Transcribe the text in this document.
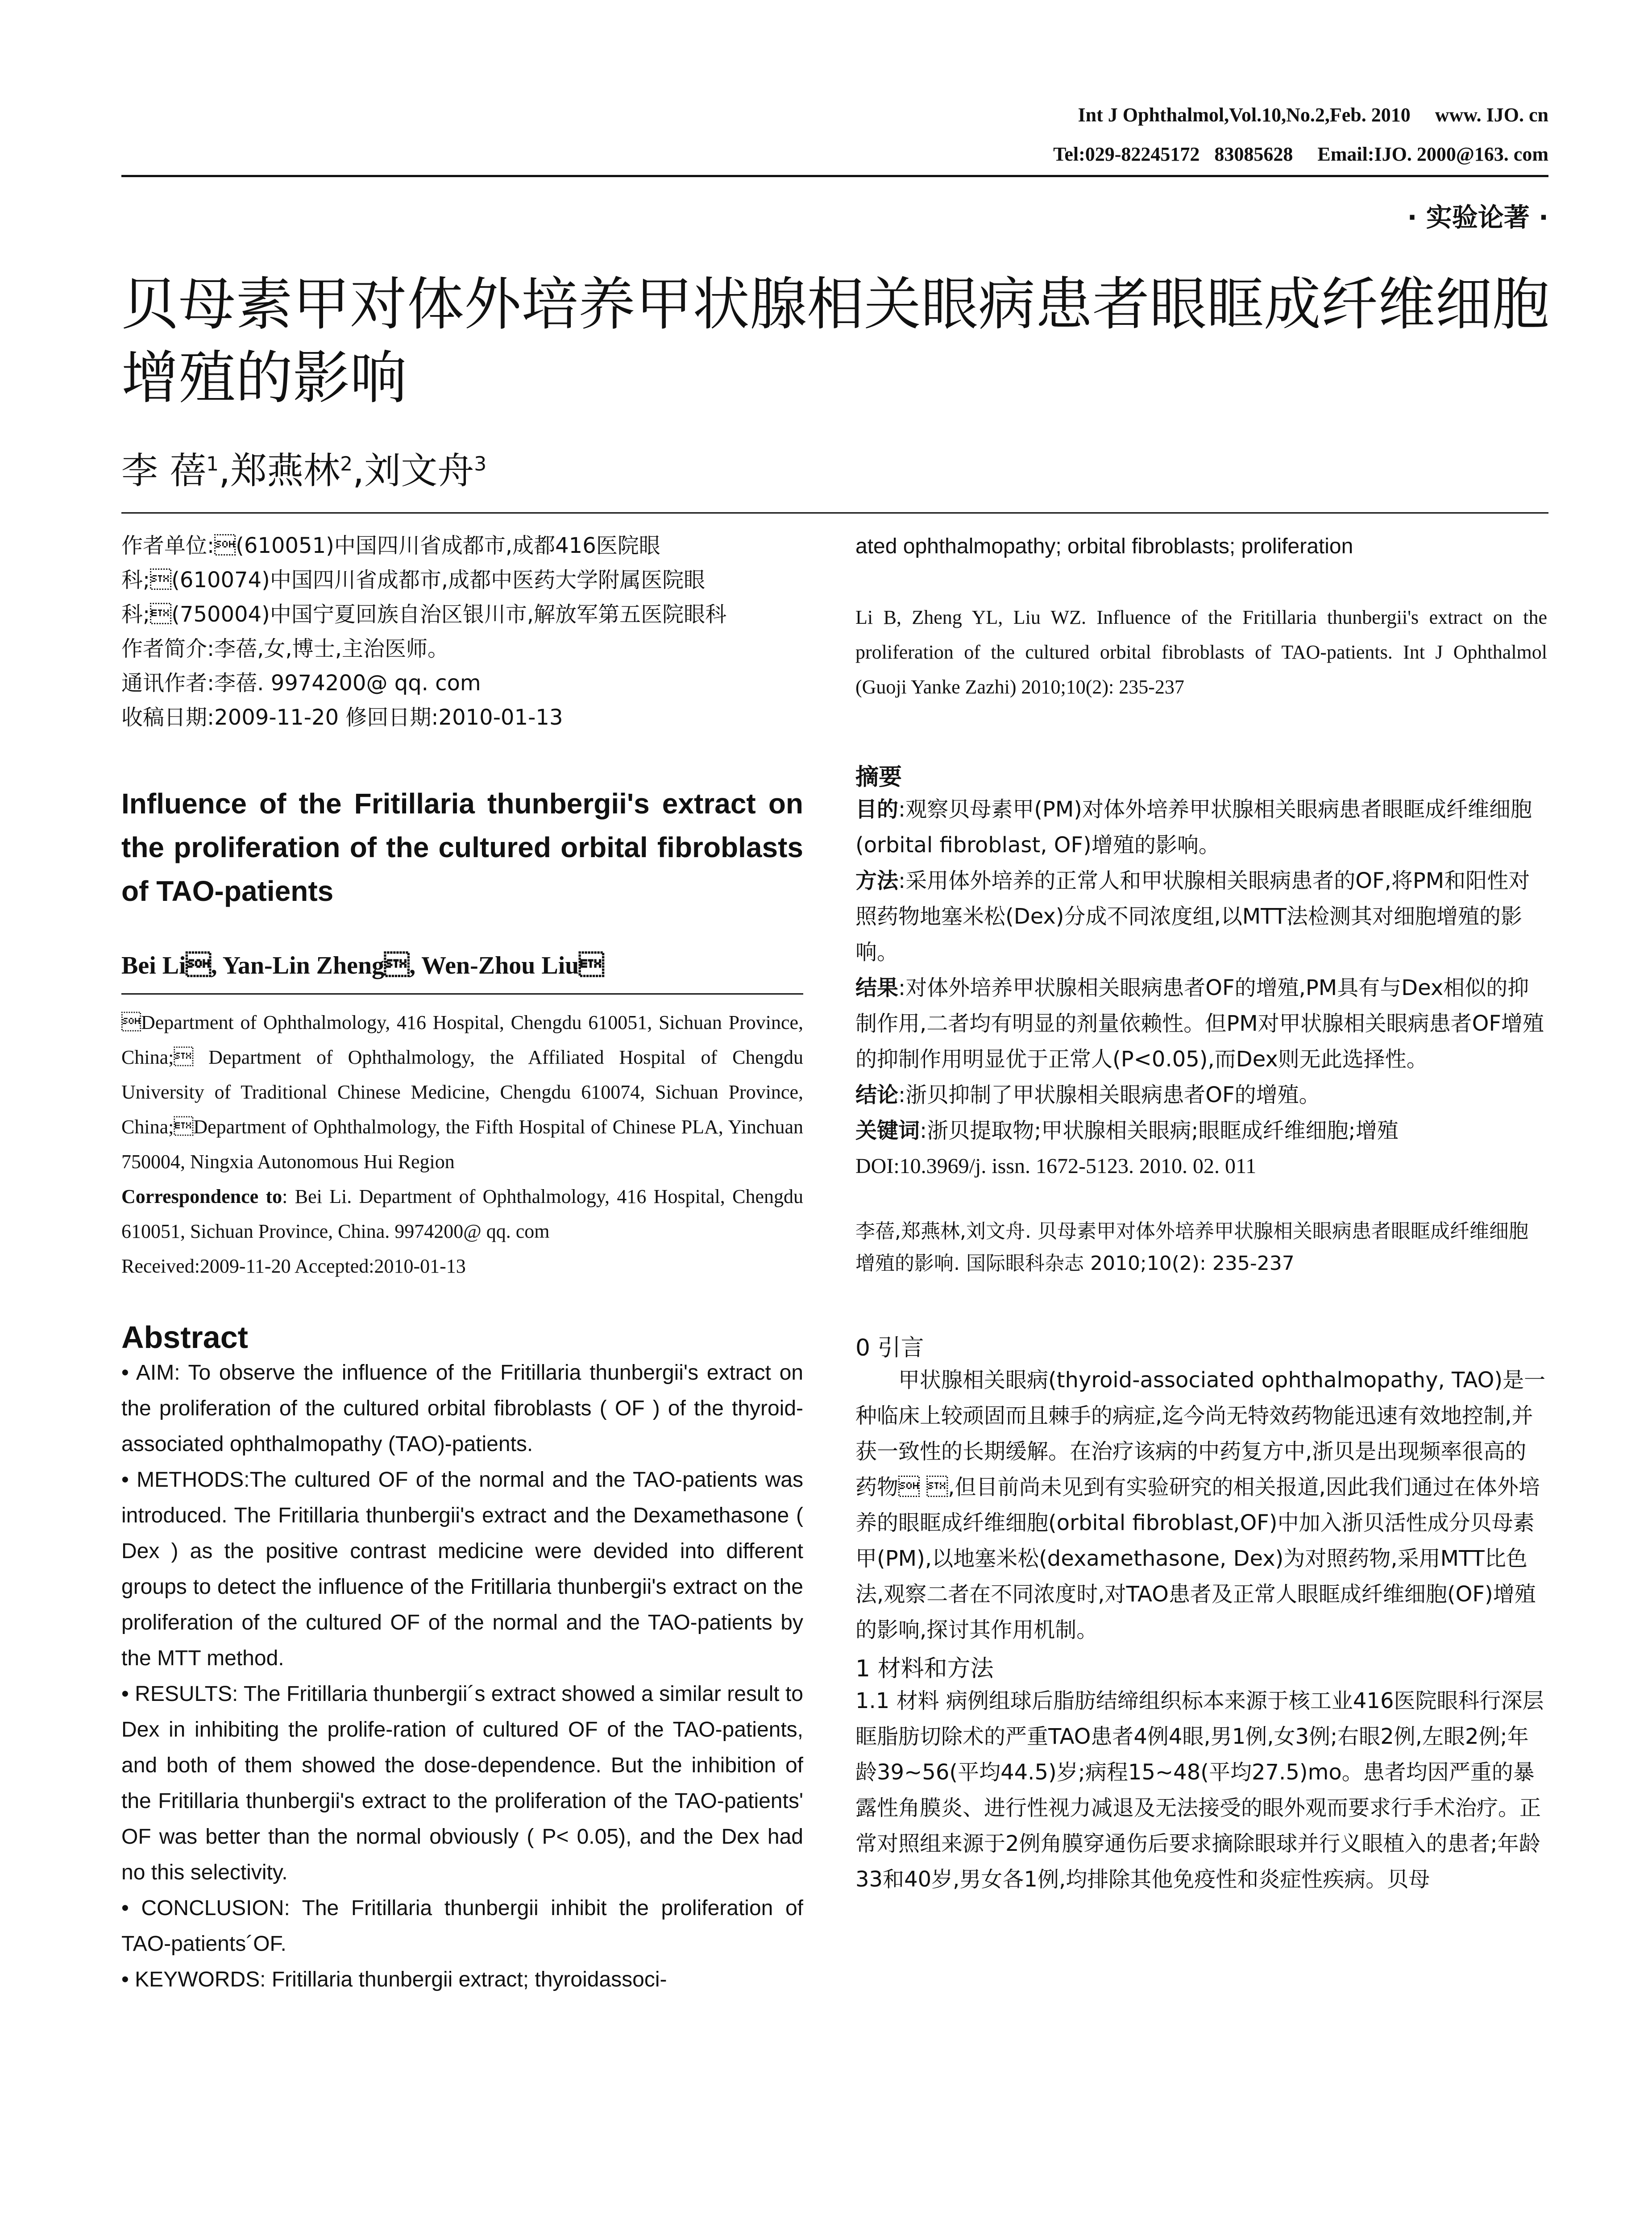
Int J Ophthalmol,Vol.10,No.2,Feb. 2010     www. IJO. cn
Tel:029-82245172   83085628     Email:IJO. 2000@163. com
· 实验论著 ·
贝母素甲对体外培养甲状腺相关眼病患者眼眶成纤维细胞增殖的影响
李 蓓$^1$,郑燕林$^2$,刘文舟$^3$

作者单位:(610051)中国四川省成都市,成都416医院眼科;(610074)中国四川省成都市,成都中医药大学附属医院眼科;(750004)中国宁夏回族自治区银川市,解放军第五医院眼科

作者简介:李蓓,女,博士,主治医师。

通讯作者:李蓓. 9974200@ qq. com

收稿日期:2009-11-20 修回日期:2010-01-13

Influence of the Fritillaria thunbergii's extract on the proliferation of the cultured orbital fibroblasts of TAO-patients
Bei Li, Yan-Lin Zheng, Wen-Zhou Liu

Department of Ophthalmology, 416 Hospital, Chengdu 610051, Sichuan Province, China; Department of Ophthalmology, the Affiliated Hospital of Chengdu University of Traditional Chinese Medicine, Chengdu 610074, Sichuan Province, China;Department of Ophthalmology, the Fifth Hospital of Chinese PLA, Yinchuan 750004, Ningxia Autonomous Hui Region

Correspondence to: Bei Li. Department of Ophthalmology, 416 Hospital, Chengdu 610051, Sichuan Province, China. 9974200@ qq. com

Received:2009-11-20 Accepted:2010-01-13

Abstract

• AIM: To observe the influence of the Fritillaria thunbergii's extract on the proliferation of the cultured orbital fibroblasts ( OF ) of the thyroid-associated ophthalmopathy (TAO)-patients.

• METHODS:The cultured OF of the normal and the TAO-patients was introduced. The Fritillaria thunbergii's extract and the Dexamethasone ( Dex ) as the positive contrast medicine were devided into different groups to detect the influence of the Fritillaria thunbergii's extract on the proliferation of the cultured OF of the normal and the TAO-patients by the MTT method.

• RESULTS: The Fritillaria thunbergii´s extract showed a similar result to Dex in inhibiting the prolife-ration of cultured OF of the TAO-patients, and both of them showed the dose-dependence. But the inhibition of the Fritillaria thunbergii's extract to the proliferation of the TAO-patients' OF was better than the normal obviously ( P< 0.05), and the Dex had no this selectivity.

• CONCLUSION: The Fritillaria thunbergii inhibit the proliferation of TAO-patients´OF.

• KEYWORDS: Fritillaria thunbergii extract; thyroidassoci-

ated ophthalmopathy; orbital fibroblasts; proliferation

Li B, Zheng YL, Liu WZ. Influence of the Fritillaria thunbergii's extract on the proliferation of the cultured orbital fibroblasts of TAO-patients. Int J Ophthalmol (Guoji Yanke Zazhi) 2010;10(2): 235-237

摘要

目的:观察贝母素甲(PM)对体外培养甲状腺相关眼病患者眼眶成纤维细胞(orbital fibroblast, OF)增殖的影响。

方法:采用体外培养的正常人和甲状腺相关眼病患者的OF,将PM和阳性对照药物地塞米松(Dex)分成不同浓度组,以MTT法检测其对细胞增殖的影响。

结果:对体外培养甲状腺相关眼病患者OF的增殖,PM具有与Dex相似的抑制作用,二者均有明显的剂量依赖性。但PM对甲状腺相关眼病患者OF增殖的抑制作用明显优于正常人(P<0.05),而Dex则无此选择性。

结论:浙贝抑制了甲状腺相关眼病患者OF的增殖。

关键词:浙贝提取物;甲状腺相关眼病;眼眶成纤维细胞;增殖

DOI:10.3969/j. issn. 1672-5123. 2010. 02. 011

李蓓,郑燕林,刘文舟. 贝母素甲对体外培养甲状腺相关眼病患者眼眶成纤维细胞增殖的影响. 国际眼科杂志 2010;10(2): 235-237

0 引言

甲状腺相关眼病(thyroid-associated ophthalmopathy, TAO)是一种临床上较顽固而且棘手的病症,迄今尚无特效药物能迅速有效地控制,并获一致性的长期缓解。在治疗该病的中药复方中,浙贝是出现频率很高的药物 ,但目前尚未见到有实验研究的相关报道,因此我们通过在体外培养的眼眶成纤维细胞(orbital fibroblast,OF)中加入浙贝活性成分贝母素甲(PM),以地塞米松(dexamethasone, Dex)为对照药物,采用MTT比色法,观察二者在不同浓度时,对TAO患者及正常人眼眶成纤维细胞(OF)增殖的影响,探讨其作用机制。

1 材料和方法

1.1 材料 病例组球后脂肪结缔组织标本来源于核工业416医院眼科行深层眶脂肪切除术的严重TAO患者4例4眼,男1例,女3例;右眼2例,左眼2例;年龄39~56(平均44.5)岁;病程15~48(平均27.5)mo。患者均因严重的暴露性角膜炎、进行性视力减退及无法接受的眼外观而要求行手术治疗。正常对照组来源于2例角膜穿通伤后要求摘除眼球并行义眼植入的患者;年龄33和40岁,男女各1例,均排除其他免疫性和炎症性疾病。贝母
